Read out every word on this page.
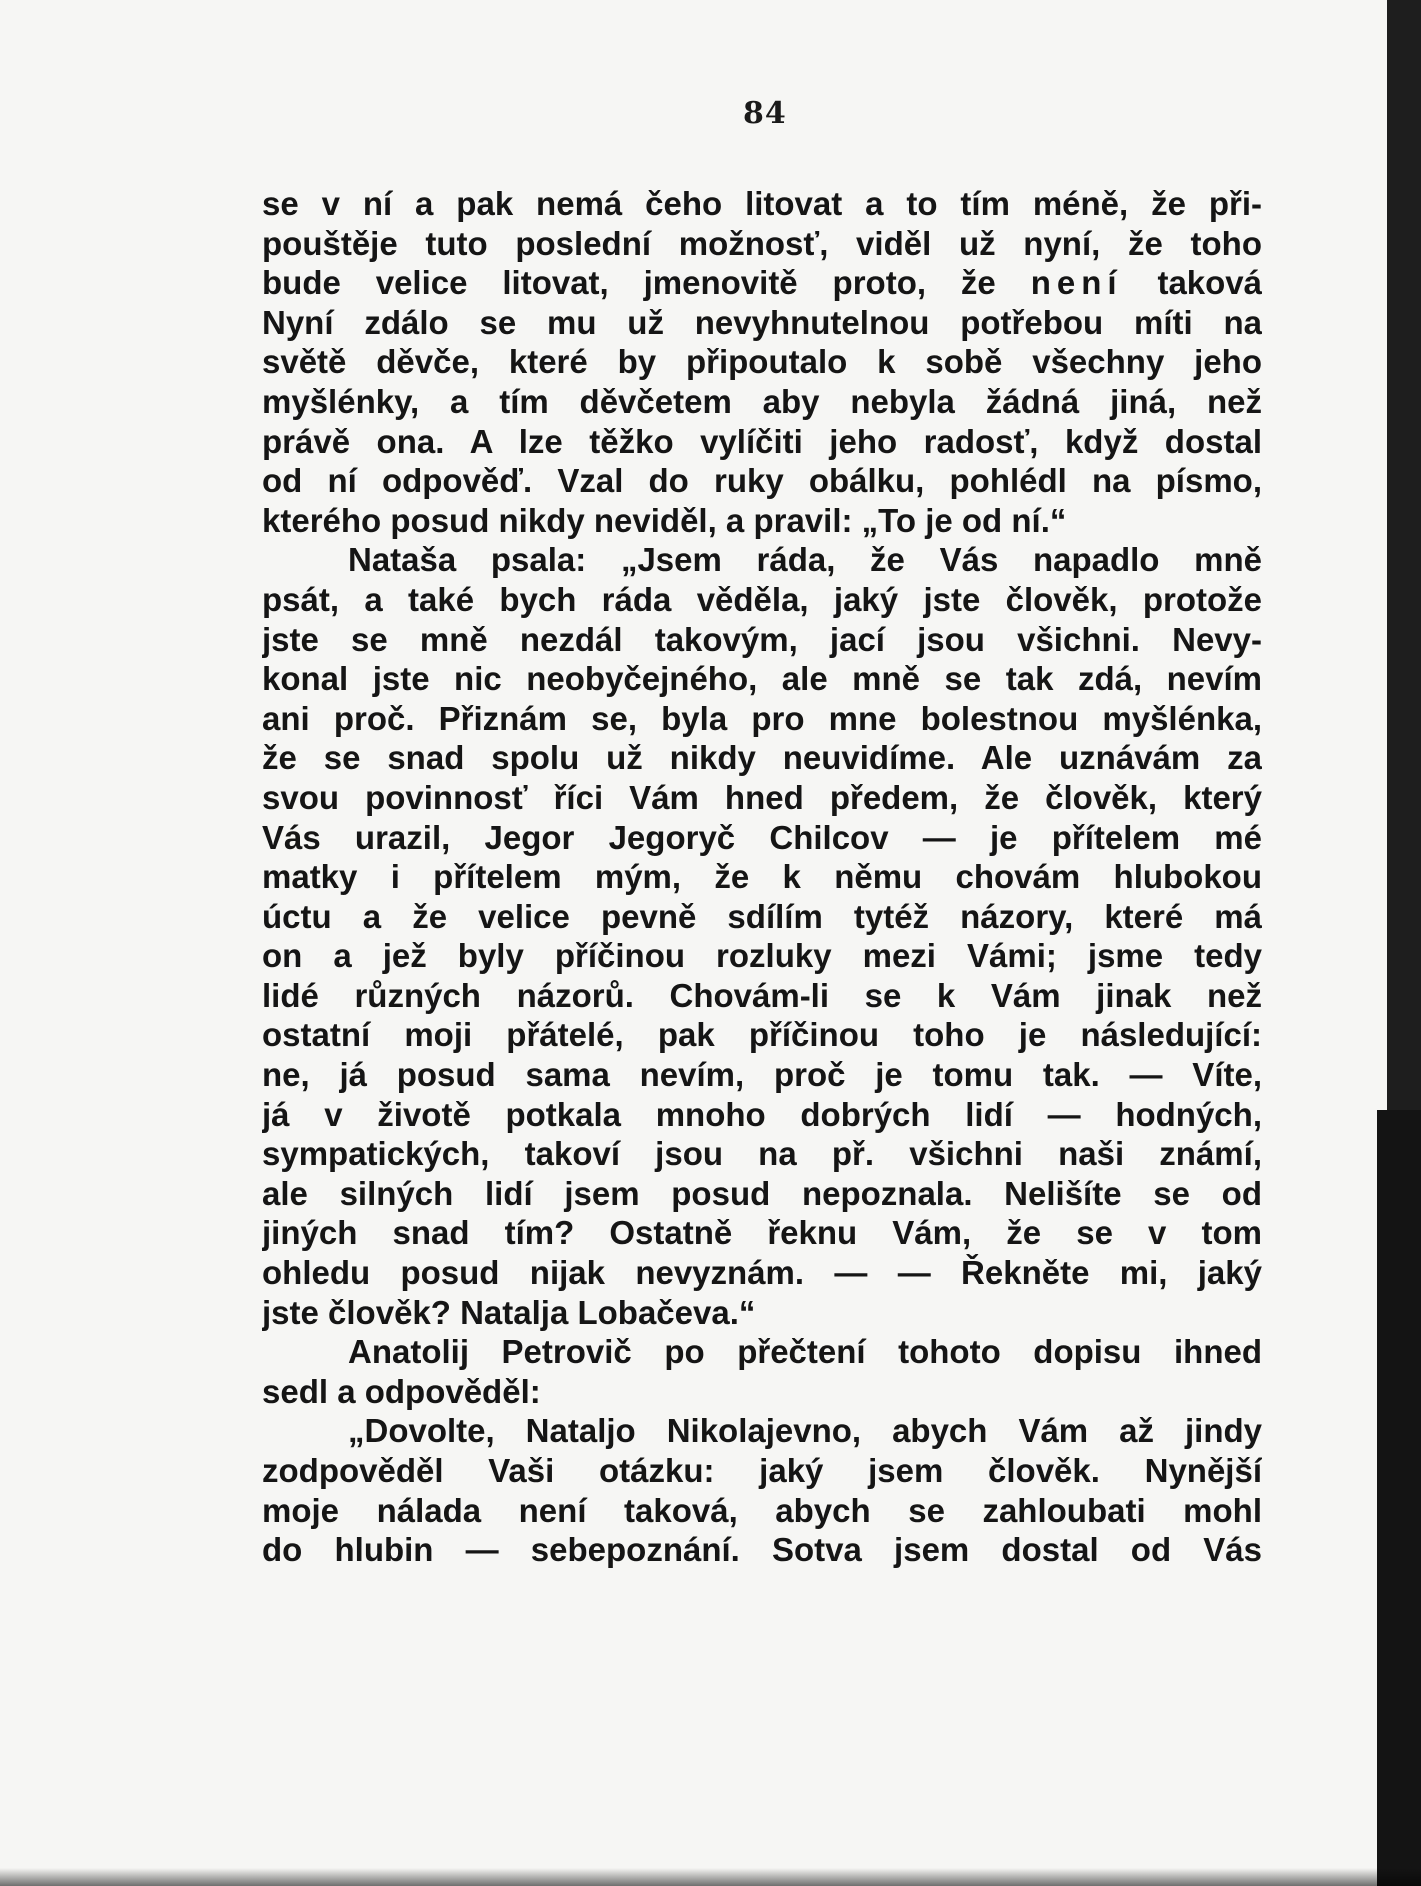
84
se v ní a pak nemá čeho litovat a to tím méně, že při-
pouštěje tuto poslední možnosť, viděl už nyní, že toho
bude velice litovat, jmenovitě proto, že není taková
Nyní zdálo se mu už nevyhnutelnou potřebou míti na
světě děvče, které by připoutalo k sobě všechny jeho
myšlénky, a tím děvčetem aby nebyla žádná jiná, než
právě ona. A lze těžko vylíčiti jeho radosť, když dostal
od ní odpověď. Vzal do ruky obálku, pohlédl na písmo,
kterého posud nikdy neviděl, a pravil: „To je od ní.“
Nataša psala: „Jsem ráda, že Vás napadlo mně
psát, a také bych ráda věděla, jaký jste člověk, protože
jste se mně nezdál takovým, jací jsou všichni. Nevy-
konal jste nic neobyčejného, ale mně se tak zdá, nevím
ani proč. Přiznám se, byla pro mne bolestnou myšlénka,
že se snad spolu už nikdy neuvidíme. Ale uznávám za
svou povinnosť říci Vám hned předem, že člověk, který
Vás urazil, Jegor Jegoryč Chilcov — je přítelem mé
matky i přítelem mým, že k němu chovám hlubokou
úctu a že velice pevně sdílím tytéž názory, které má
on a jež byly příčinou rozluky mezi Vámi; jsme tedy
lidé různých názorů. Chovám-li se k Vám jinak než
ostatní moji přátelé, pak příčinou toho je následující:
ne, já posud sama nevím, proč je tomu tak. — Víte,
já v životě potkala mnoho dobrých lidí — hodných,
sympatických, takoví jsou na př. všichni naši známí,
ale silných lidí jsem posud nepoznala. Nelišíte se od
jiných snad tím? Ostatně řeknu Vám, že se v tom
ohledu posud nijak nevyznám. — — Řekněte mi, jaký
jste člověk? Natalja Lobačeva.“
Anatolij Petrovič po přečtení tohoto dopisu ihned
sedl a odpověděl:
„Dovolte, Nataljo Nikolajevno, abych Vám až jindy
zodpověděl Vaši otázku: jaký jsem člověk. Nynější
moje nálada není taková, abych se zahloubati mohl
do hlubin — sebepoznání. Sotva jsem dostal od Vás
